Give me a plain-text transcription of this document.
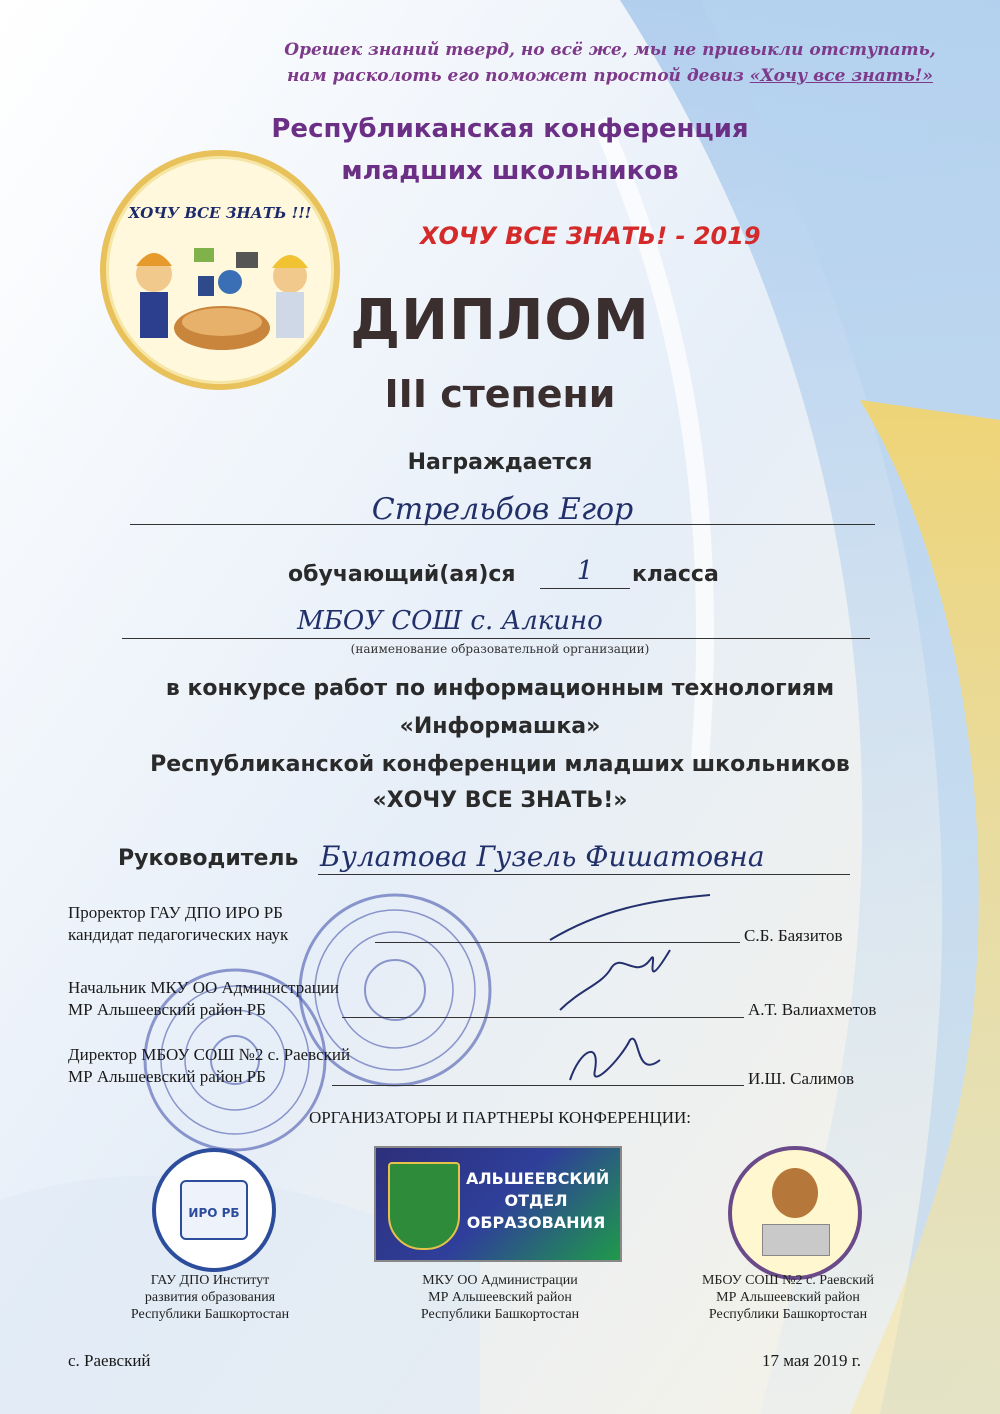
Орешек знаний тверд, но всё же, мы не привыкли отступать,
нам расколоть его поможет простой девиз «Хочу все знать!»
Республиканская конференция
младших школьников
ХОЧУ ВСЕ ЗНАТЬ! - 2019
ХОЧУ ВСЕ ЗНАТЬ !!!
ДИПЛОМ
III степени
Награждается
Стрельбов Егор
обучающий(ая)ся	1	класса
МБОУ СОШ с. Алкино
(наименование образовательной организации)
в конкурсе работ по информационным технологиям
«Информашка»
Республиканской конференции младших школьников
«ХОЧУ ВСЕ ЗНАТЬ!»
Руководитель Булатова Гузель Фишатовна
Проректор ГАУ ДПО ИРО РБ
кандидат педагогических наук	С.Б. Баязитов
Начальник МКУ ОО Администрации
МР Альшеевский район РБ	А.Т. Валиахметов
Директор МБОУ СОШ №2 с. Раевский
МР Альшеевский район РБ	И.Ш. Салимов
ОРГАНИЗАТОРЫ И ПАРТНЕРЫ КОНФЕРЕНЦИИ:
ИРО РБ
АЛЬШЕЕВСКИЙ ОТДЕЛ ОБРАЗОВАНИЯ
ГАУ ДПО Институт
развития образования
Республики Башкортостан
МКУ ОО Администрации
МР Альшеевский район
Республики Башкортостан
МБОУ СОШ №2 с. Раевский
МР Альшеевский район
Республики Башкортостан
с. Раевский	17 мая 2019 г.
